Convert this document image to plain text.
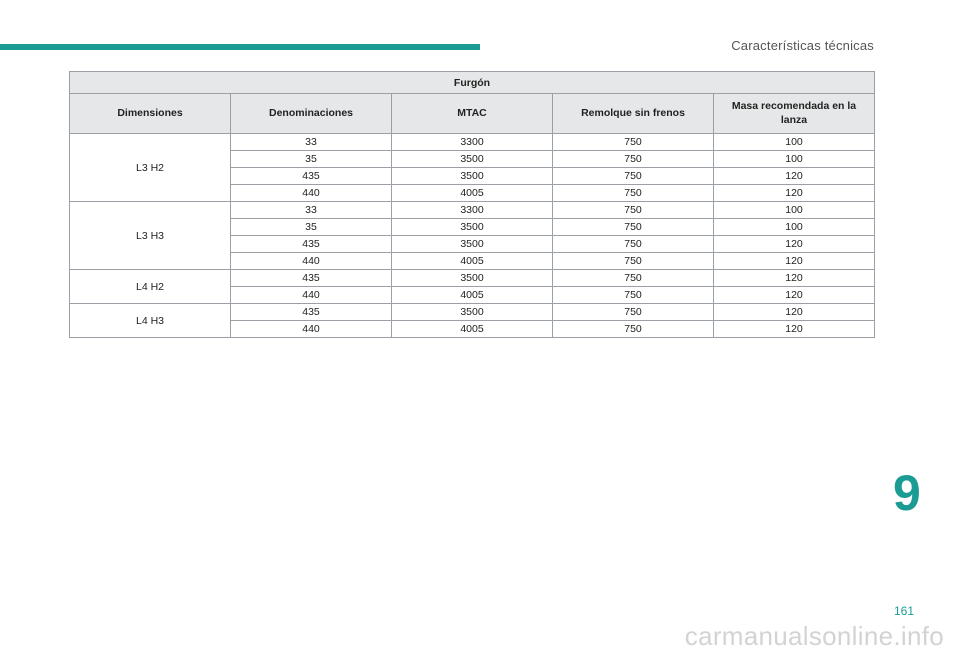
Características técnicas
Furgón				
Dimensiones	Denominaciones	MTAC	Remolque sin frenos	Masa recomendada en la lanza
L3 H2	33	3300	750	100
	35	3500	750	100
	435	3500	750	120
	440	4005	750	120
L3 H3	33	3300	750	100
	35	3500	750	100
	435	3500	750	120
	440	4005	750	120
L4 H2	435	3500	750	120
	440	4005	750	120
L4 H3	435	3500	750	120
	440	4005	750	120
9
161
carmanualsonline.info
